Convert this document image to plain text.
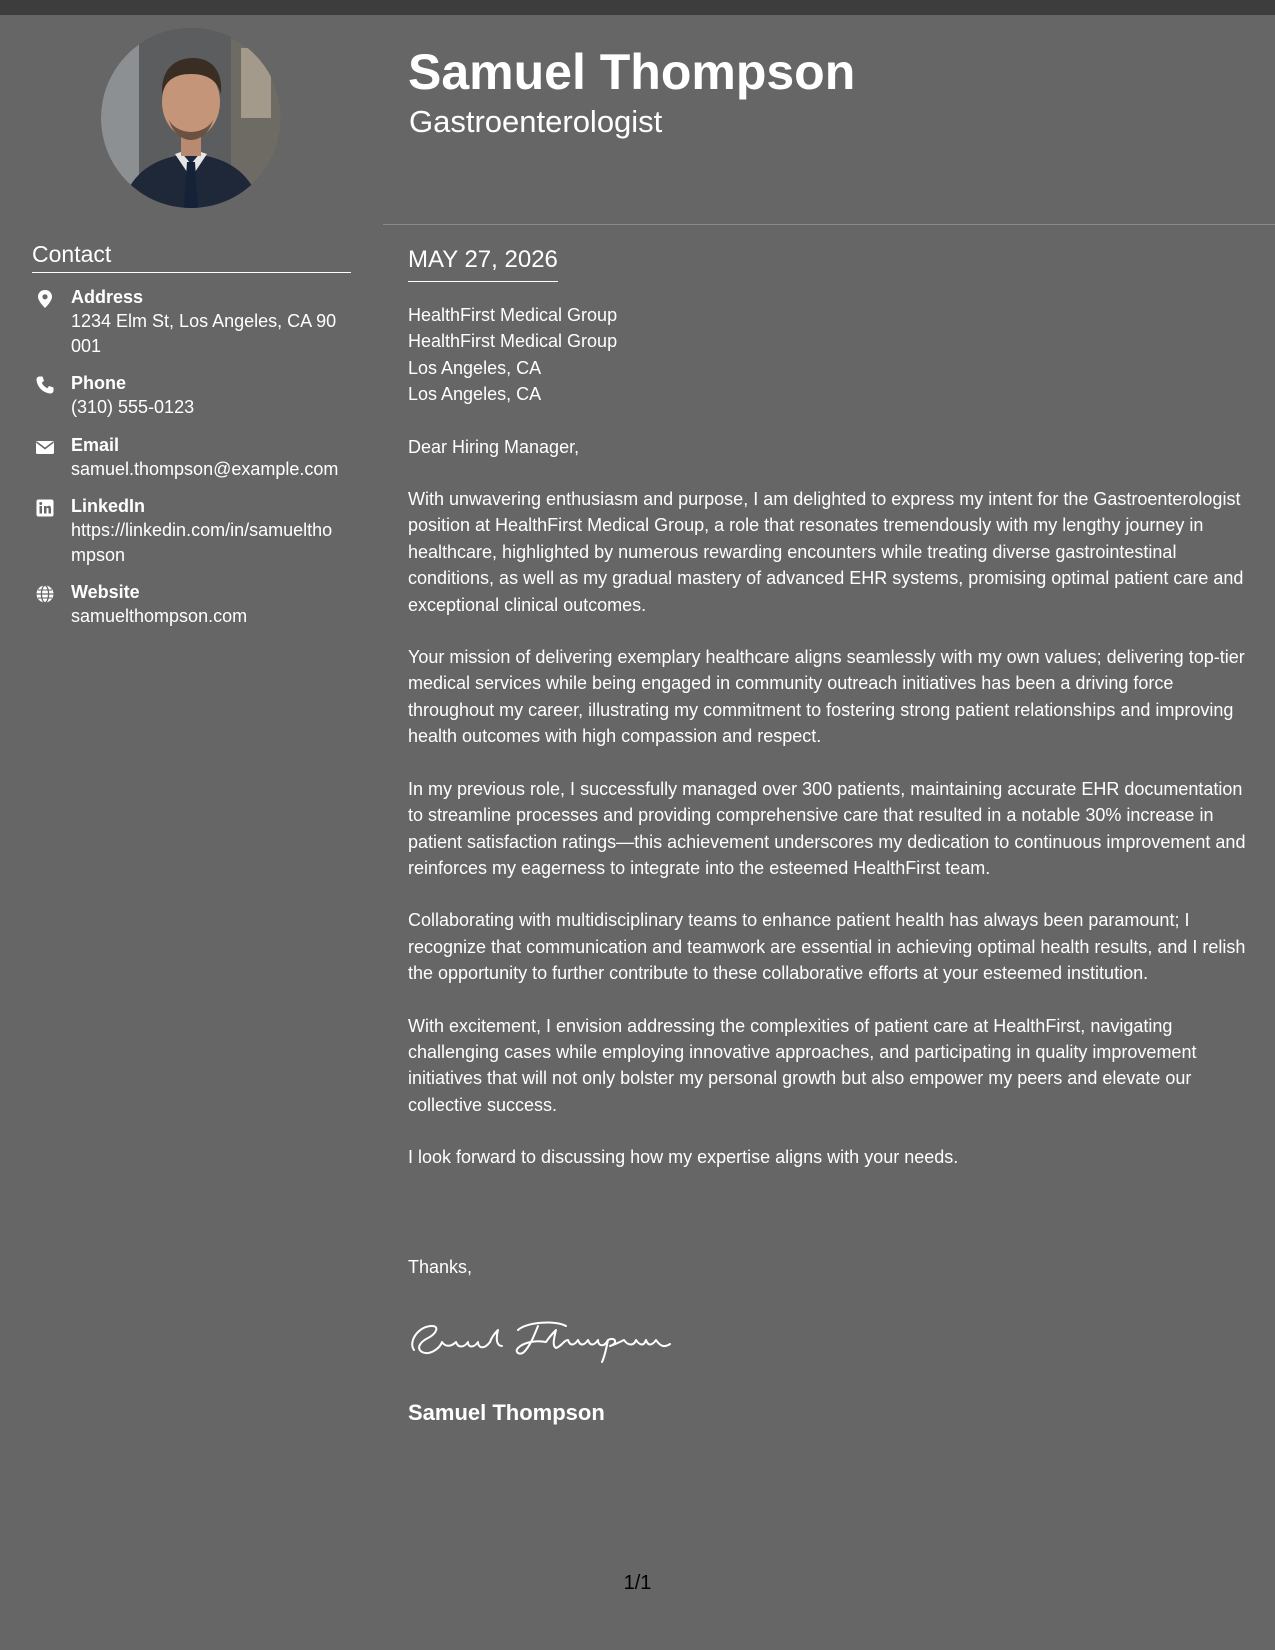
Contact
Address
1234 Elm St, Los Angeles, CA 90001
Phone
(310) 555-0123
Email
samuel.thompson@example.com
LinkedIn
https://linkedin.com/in/samuelthompson
Website
samuelthompson.com
Samuel Thompson
Gastroenterologist
MAY 27, 2026
HealthFirst Medical Group
HealthFirst Medical Group
Los Angeles, CA
Los Angeles, CA
Dear Hiring Manager,
With unwavering enthusiasm and purpose, I am delighted to express my intent for the Gastroenterologist position at HealthFirst Medical Group, a role that resonates tremendously with my lengthy journey in healthcare, highlighted by numerous rewarding encounters while treating diverse gastrointestinal conditions, as well as my gradual mastery of advanced EHR systems, promising optimal patient care and exceptional clinical outcomes.
Your mission of delivering exemplary healthcare aligns seamlessly with my own values; delivering top-tier medical services while being engaged in community outreach initiatives has been a driving force throughout my career, illustrating my commitment to fostering strong patient relationships and improving health outcomes with high compassion and respect.
In my previous role, I successfully managed over 300 patients, maintaining accurate EHR documentation to streamline processes and providing comprehensive care that resulted in a notable 30% increase in patient satisfaction ratings—this achievement underscores my dedication to continuous improvement and reinforces my eagerness to integrate into the esteemed HealthFirst team.
Collaborating with multidisciplinary teams to enhance patient health has always been paramount; I recognize that communication and teamwork are essential in achieving optimal health results, and I relish the opportunity to further contribute to these collaborative efforts at your esteemed institution.
With excitement, I envision addressing the complexities of patient care at HealthFirst, navigating challenging cases while employing innovative approaches, and participating in quality improvement initiatives that will not only bolster my personal growth but also empower my peers and elevate our collective success.
I look forward to discussing how my expertise aligns with your needs.
Thanks,
Samuel Thompson
1/1
